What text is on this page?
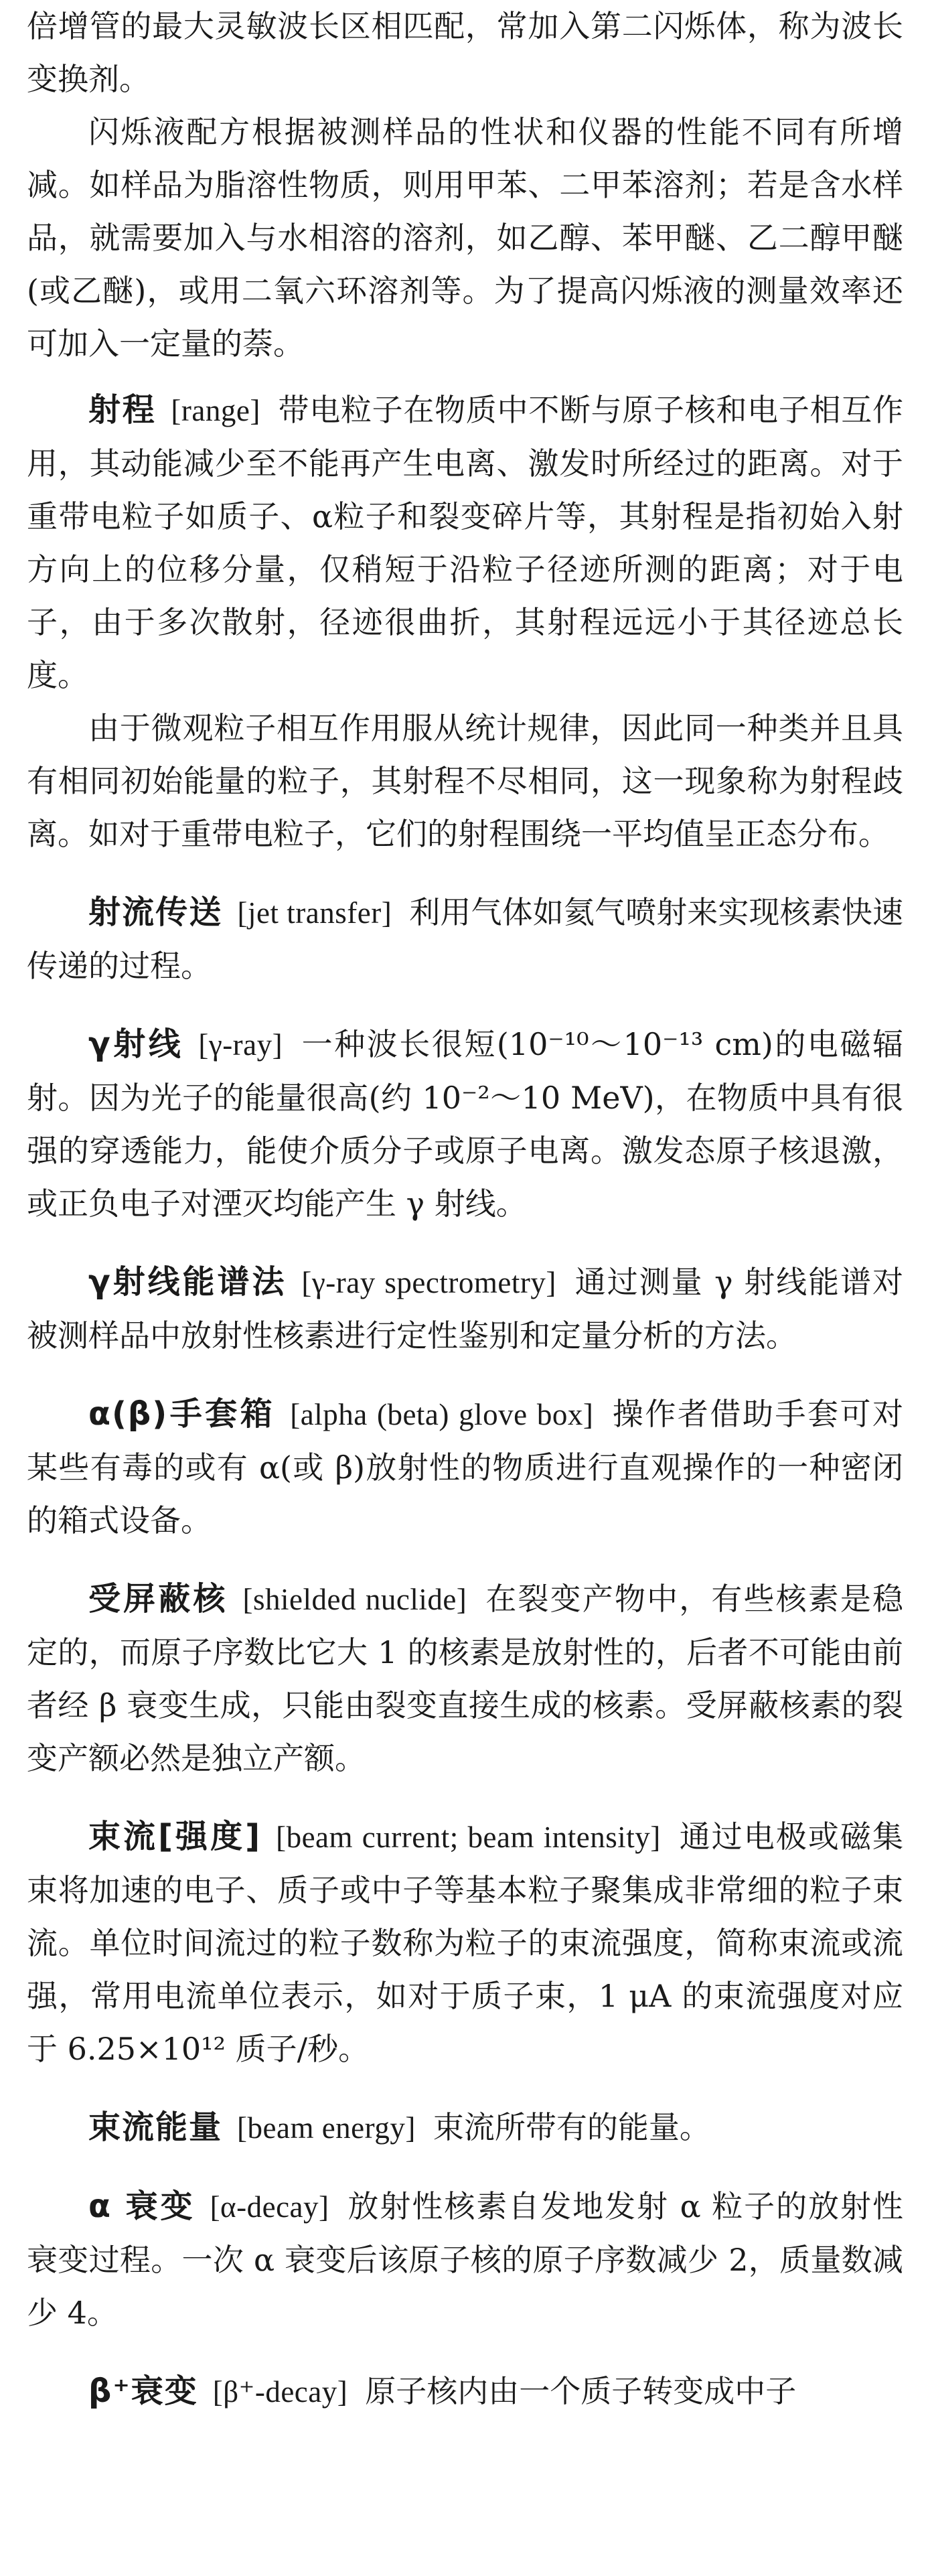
倍增管的最大灵敏波长区相匹配，常加入第二闪烁体，称为波长变换剂。

闪烁液配方根据被测样品的性状和仪器的性能不同有所增减。如样品为脂溶性物质，则用甲苯、二甲苯溶剂；若是含水样品，就需要加入与水相溶的溶剂，如乙醇、苯甲醚、乙二醇甲醚(或乙醚)，或用二氧六环溶剂等。为了提高闪烁液的测量效率还可加入一定量的萘。

射程 [range] 带电粒子在物质中不断与原子核和电子相互作用，其动能减少至不能再产生电离、激发时所经过的距离。对于重带电粒子如质子、α粒子和裂变碎片等，其射程是指初始入射方向上的位移分量，仅稍短于沿粒子径迹所测的距离；对于电子，由于多次散射，径迹很曲折，其射程远远小于其径迹总长度。

由于微观粒子相互作用服从统计规律，因此同一种类并且具有相同初始能量的粒子，其射程不尽相同，这一现象称为射程歧离。如对于重带电粒子，它们的射程围绕一平均值呈正态分布。

射流传送 [jet transfer] 利用气体如氦气喷射来实现核素快速传递的过程。

γ射线 [γ-ray] 一种波长很短(10⁻¹⁰～10⁻¹³ cm)的电磁辐射。因为光子的能量很高(约 10⁻²～10 MeV)，在物质中具有很强的穿透能力，能使介质分子或原子电离。激发态原子核退激，或正负电子对湮灭均能产生 γ 射线。

γ射线能谱法 [γ-ray spectrometry] 通过测量 γ 射线能谱对被测样品中放射性核素进行定性鉴别和定量分析的方法。

α(β)手套箱 [alpha (beta) glove box] 操作者借助手套可对某些有毒的或有 α(或 β)放射性的物质进行直观操作的一种密闭的箱式设备。

受屏蔽核 [shielded nuclide] 在裂变产物中，有些核素是稳定的，而原子序数比它大 1 的核素是放射性的，后者不可能由前者经 β 衰变生成，只能由裂变直接生成的核素。受屏蔽核素的裂变产额必然是独立产额。

束流[强度] [beam current; beam intensity] 通过电极或磁集束将加速的电子、质子或中子等基本粒子聚集成非常细的粒子束流。单位时间流过的粒子数称为粒子的束流强度，简称束流或流强，常用电流单位表示，如对于质子束，1 μA 的束流强度对应于 6.25×10¹² 质子/秒。

束流能量 [beam energy] 束流所带有的能量。

α 衰变 [α-decay] 放射性核素自发地发射 α 粒子的放射性衰变过程。一次 α 衰变后该原子核的原子序数减少 2，质量数减少 4。

β⁺衰变 [β⁺-decay] 原子核内由一个质子转变成中子
